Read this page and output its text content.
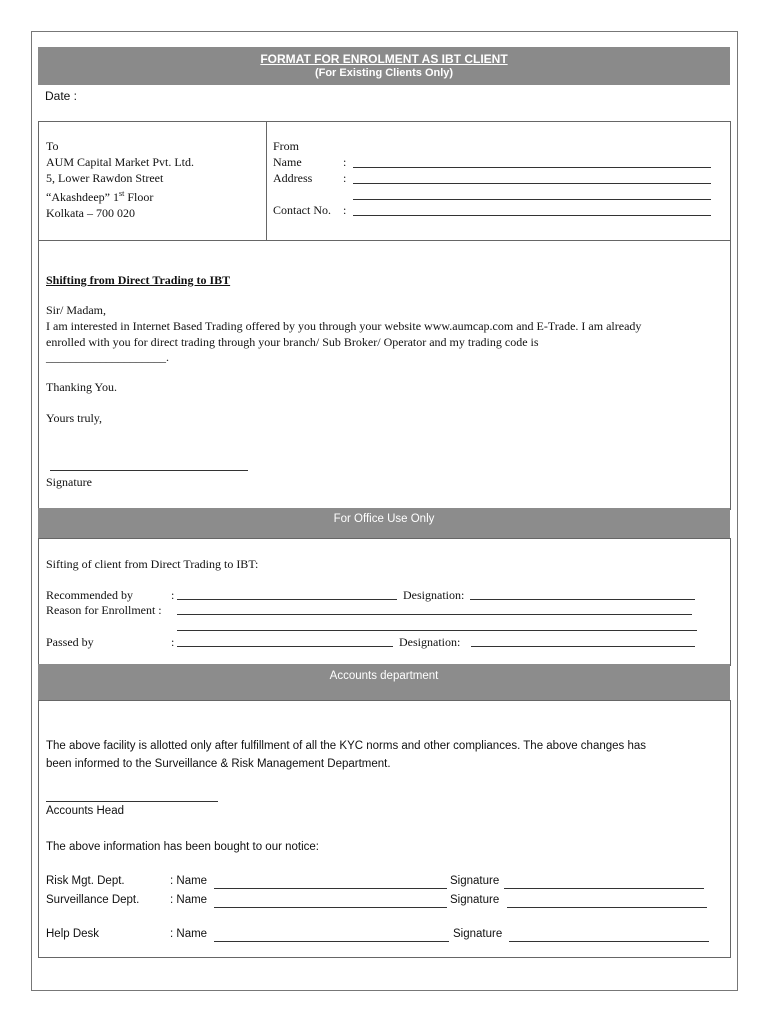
FORMAT FOR ENROLMENT AS IBT CLIENT
(For Existing Clients Only)
Date :
To
AUM Capital Market Pvt. Ltd.
5, Lower Rawdon Street
“Akashdeep” 1st Floor
Kolkata – 700 020
From
Name	:
Address	:
Contact No. :
Shifting from Direct Trading to IBT
Sir/ Madam,
I am interested in Internet Based Trading offered by you through your website www.aumcap.com and E-Trade. I am already
enrolled with you for direct trading through your branch/ Sub Broker/ Operator and my trading code is
____________________.
Thanking You.
Yours truly,
Signature
For Office Use Only
Sifting of client from Direct Trading to IBT:
Recommended by	:	Designation:
Reason for Enrollment :
Passed by	:	Designation:
Accounts department
The above facility is allotted only after fulfillment of all the KYC norms and other compliances. The above changes has
been informed to the Surveillance & Risk Management Department.
Accounts Head
The above information has been bought to our notice:
Risk Mgt. Dept.	: Name	Signature
Surveillance Dept.	: Name	Signature
Help Desk	: Name	Signature
